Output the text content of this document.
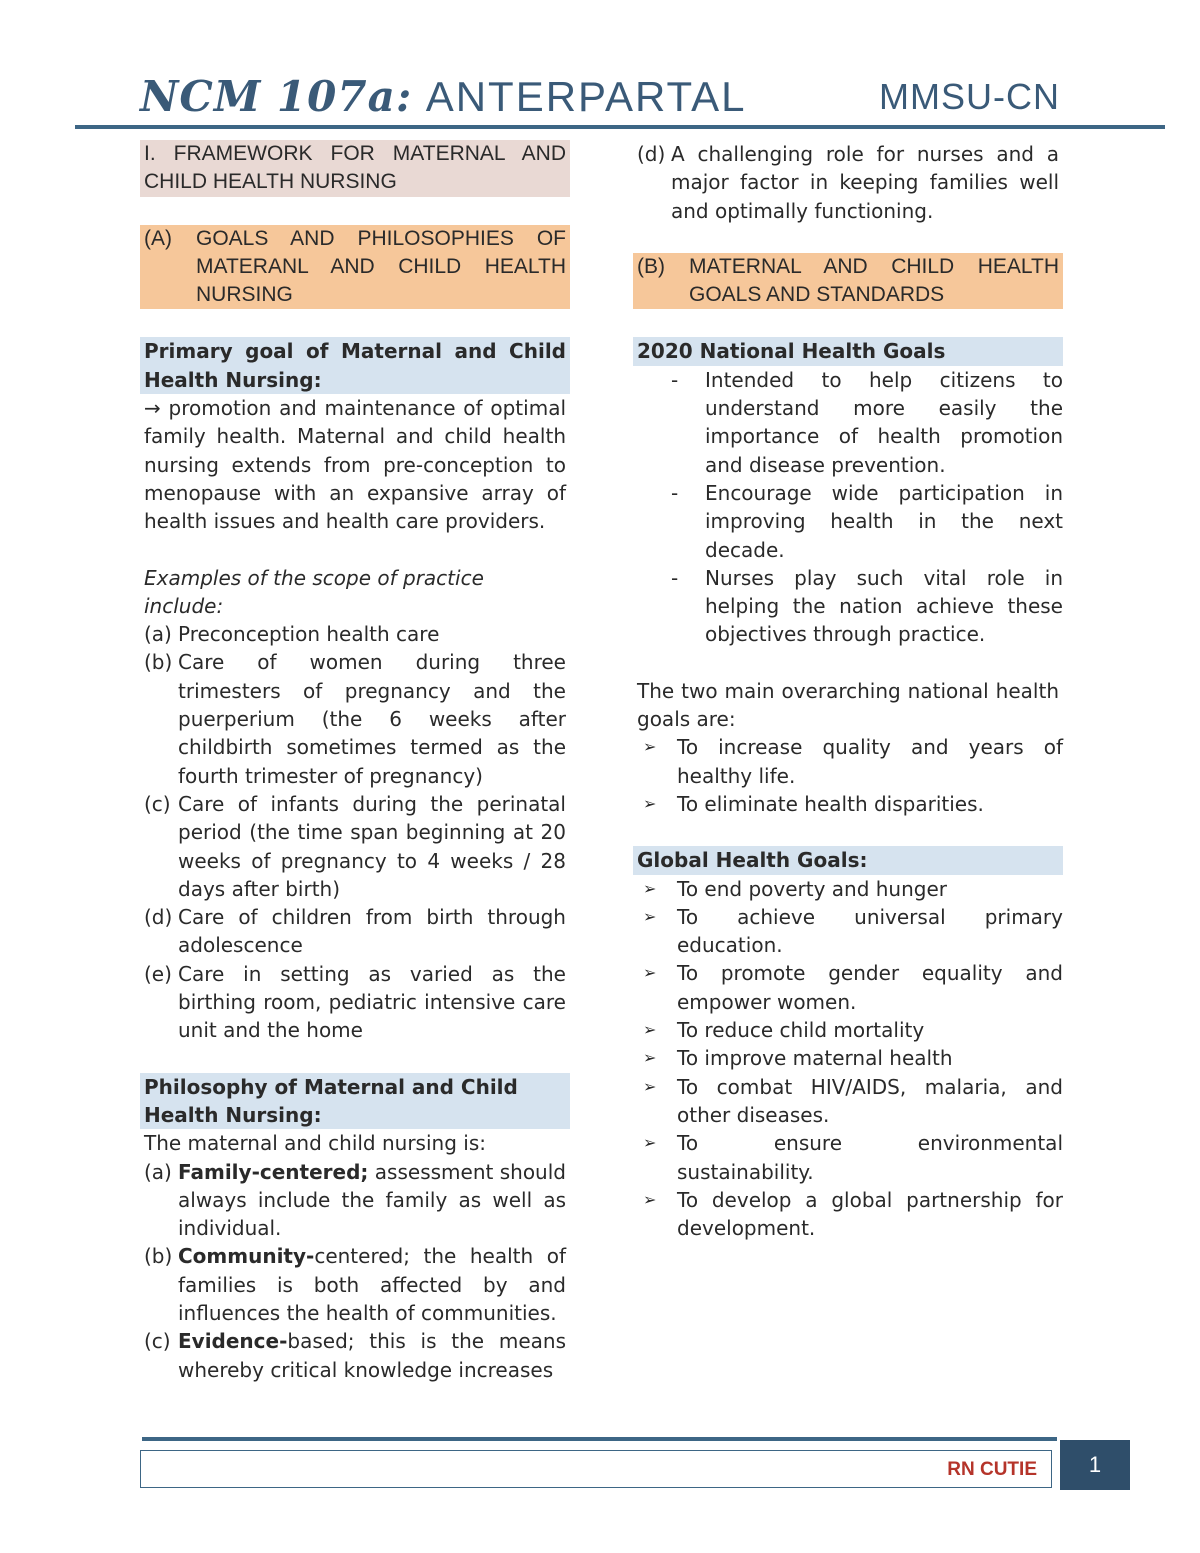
NCM 107a: ANTERPARTAL	MMSU-CN
I. FRAMEWORK FOR MATERNAL AND CHILD HEALTH NURSING
(A)	GOALS AND PHILOSOPHIES OF MATERANL AND CHILD HEALTH NURSING
Primary goal of Maternal and Child Health Nursing:
→ promotion and maintenance of optimal family health. Maternal and child health nursing extends from pre-conception to menopause with an expansive array of health issues and health care providers.
Examples of the scope of practice include:
(a) Preconception health care
(b) Care of women during three trimesters of pregnancy and the puerperium (the 6 weeks after childbirth sometimes termed as the fourth trimester of pregnancy)
(c) Care of infants during the perinatal period (the time span beginning at 20 weeks of pregnancy to 4 weeks / 28 days after birth)
(d) Care of children from birth through adolescence
(e) Care in setting as varied as the birthing room, pediatric intensive care unit and the home
Philosophy of Maternal and Child Health Nursing:
The maternal and child nursing is:
(a) Family-centered; assessment should always include the family as well as individual.
(b) Community-centered; the health of families is both affected by and influences the health of communities.
(c) Evidence-based; this is the means whereby critical knowledge increases
(d) A challenging role for nurses and a major factor in keeping families well and optimally functioning.
(B)	MATERNAL AND CHILD HEALTH GOALS AND STANDARDS
2020 National Health Goals
-	Intended to help citizens to understand more easily the importance of health promotion and disease prevention.
-	Encourage wide participation in improving health in the next decade.
-	Nurses play such vital role in helping the nation achieve these objectives through practice.
The two main overarching national health goals are:
➢	To increase quality and years of healthy life.
➢	To eliminate health disparities.
Global Health Goals:
➢	To end poverty and hunger
➢	To achieve universal primary education.
➢	To promote gender equality and empower women.
➢	To reduce child mortality
➢	To improve maternal health
➢	To combat HIV/AIDS, malaria, and other diseases.
➢	To ensure environmental sustainability.
➢	To develop a global partnership for development.
RN CUTIE	1
